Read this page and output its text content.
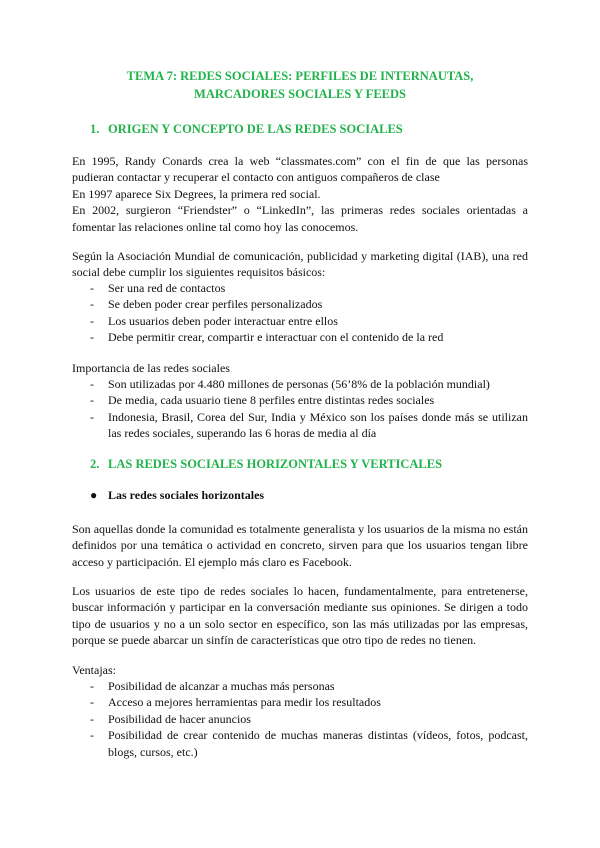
TEMA 7: REDES SOCIALES: PERFILES DE INTERNAUTAS, MARCADORES SOCIALES Y FEEDS
1. ORIGEN Y CONCEPTO DE LAS REDES SOCIALES
En 1995, Randy Conards crea la web “classmates.com” con el fin de que las personas pudieran contactar y recuperar el contacto con antiguos compañeros de clase
En 1997 aparece Six Degrees, la primera red social.
En 2002, surgieron “Friendster” o “LinkedIn”, las primeras redes sociales orientadas a fomentar las relaciones online tal como hoy las conocemos.

Según la Asociación Mundial de comunicación, publicidad y marketing digital (IAB), una red social debe cumplir los siguientes requisitos básicos:

- Ser una red de contactos
- Se deben poder crear perfiles personalizados
- Los usuarios deben poder interactuar entre ellos
- Debe permitir crear, compartir e interactuar con el contenido de la red

Importancia de las redes sociales

- Son utilizadas por 4.480 millones de personas (56’8% de la población mundial)
- De media, cada usuario tiene 8 perfiles entre distintas redes sociales
- Indonesia, Brasil, Corea del Sur, India y México son los países donde más se utilizan las redes sociales, superando las 6 horas de media al día
2. LAS REDES SOCIALES HORIZONTALES Y VERTICALES

● Las redes sociales horizontales

Son aquellas donde la comunidad es totalmente generalista y los usuarios de la misma no están definidos por una temática o actividad en concreto, sirven para que los usuarios tengan libre acceso y participación. El ejemplo más claro es Facebook.

Los usuarios de este tipo de redes sociales lo hacen, fundamentalmente, para entretenerse, buscar información y participar en la conversación mediante sus opiniones. Se dirigen a todo tipo de usuarios y no a un solo sector en específico, son las más utilizadas por las empresas, porque se puede abarcar un sinfín de características que otro tipo de redes no tienen.

Ventajas:

- Posibilidad de alcanzar a muchas más personas
- Acceso a mejores herramientas para medir los resultados
- Posibilidad de hacer anuncios
- Posibilidad de crear contenido de muchas maneras distintas (vídeos, fotos, podcast, blogs, cursos, etc.)
